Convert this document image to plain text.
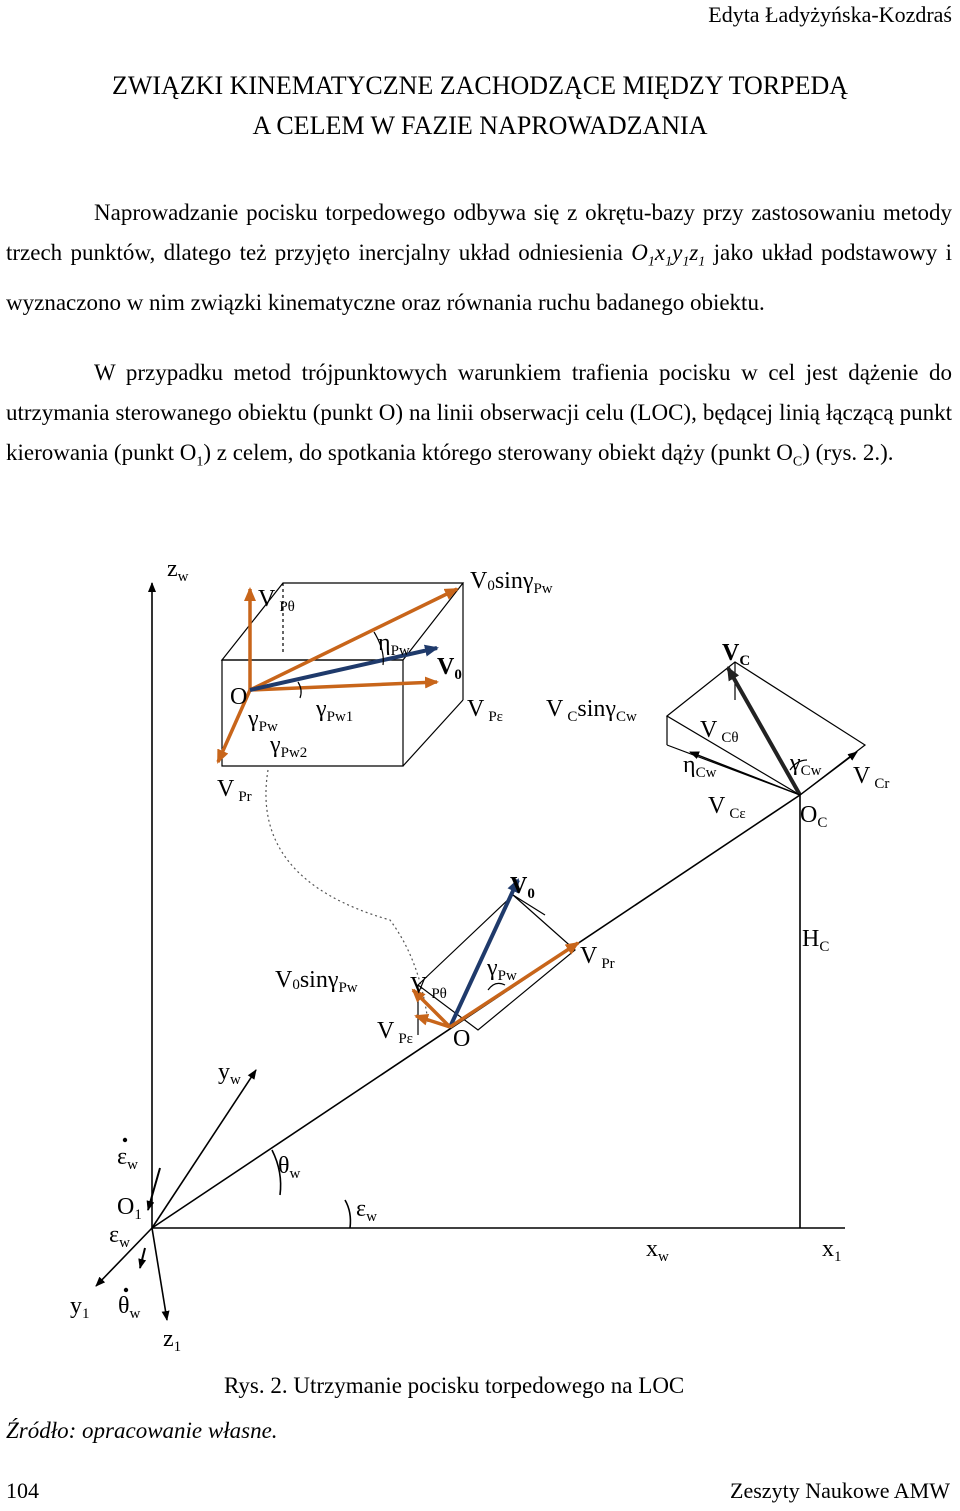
Edyta Ładyżyńska-Kozdraś
ZWIĄZKI KINEMATYCZNE ZACHODZĄCE MIĘDZY TORPEDĄ
A CELEM W FAZIE NAPROWADZANIA
Naprowadzanie pocisku torpedowego odbywa się z okrętu-bazy przy zastosowaniu metody trzech punktów, dlatego też przyjęto inercjalny układ odniesienia $O_1x_1y_1z_1$ jako układ podstawowy i wyznaczono w nim związki kinematyczne oraz równania ruchu badanego obiektu.
W przypadku metod trójpunktowych warunkiem trafienia pocisku w cel jest dążenie do utrzymania sterowanego obiektu (punkt O) na linii obserwacji celu (LOC), będącej linią łączącą punkt kierowania (punkt $O_1$) z celem, do spotkania którego sterowany obiekt dąży (punkt $O_C$) (rys. 2.).
$z_w$
V $_{P\theta}$
V0sinγ$_{Pw}$
$\eta_{Pw}$
$V_0$
O	$\gamma_{Pw1}$
$\gamma_{Pw}$
$\gamma_{Pw2}$
V $_{P\varepsilon}$
V $_{Pr}$
$V_C$
V $_C$sinγ$_{Cw}$	V $_{C\theta}$
$\eta_{Cw}$	$\gamma_{Cw}$ V $_{Cr}$
V $_{C\varepsilon}$ $O_C$
$V_0$
$H_C$
V0sinγ$_{Pw}$
$\gamma_{Pw}$
V $_{Pr}$
V $_{P\theta}$
V $_{P\varepsilon}$ O
$y_w$
$\varepsilon_w$	$\theta_w$
$O_1$
$\varepsilon_w$
$\varepsilon_w$
$x_w$	$x_1$
$y_1$ $\theta_w$
$z_1$
Rys. 2. Utrzymanie pocisku torpedowego na LOC
Źródło: opracowanie własne.
104	Zeszyty Naukowe AMW
